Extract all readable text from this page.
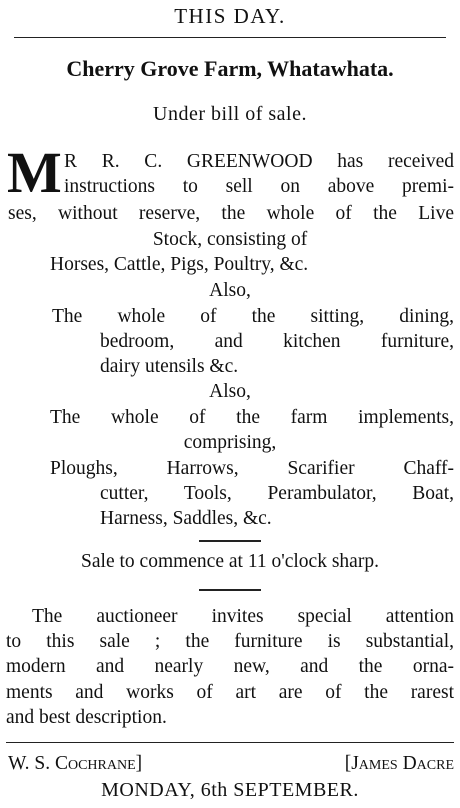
THIS DAY.
Cherry Grove Farm, Whatawhata.
Under bill of sale.
M R R. C. GREENWOOD has received
instructions to sell on above premi-
ses, without reserve, the whole of the Live
Stock, consisting of
Horses, Cattle, Pigs, Poultry, &c.
Also,
The whole of the sitting, dining,
bedroom, and kitchen furniture,
dairy utensils &c.
Also,
The whole of the farm implements,
comprising,
Ploughs, Harrows, Scarifier Chaff-
cutter, Tools, Perambulator, Boat,
Harness, Saddles, &c.
Sale to commence at 11 o'clock sharp.
The auctioneer invites special attention
to this sale ; the furniture is substantial,
modern and nearly new, and the orna-
ments and works of art are of the rarest
and best description.
W. S. Cochrane]	[James Dacre
MONDAY, 6th SEPTEMBER.
